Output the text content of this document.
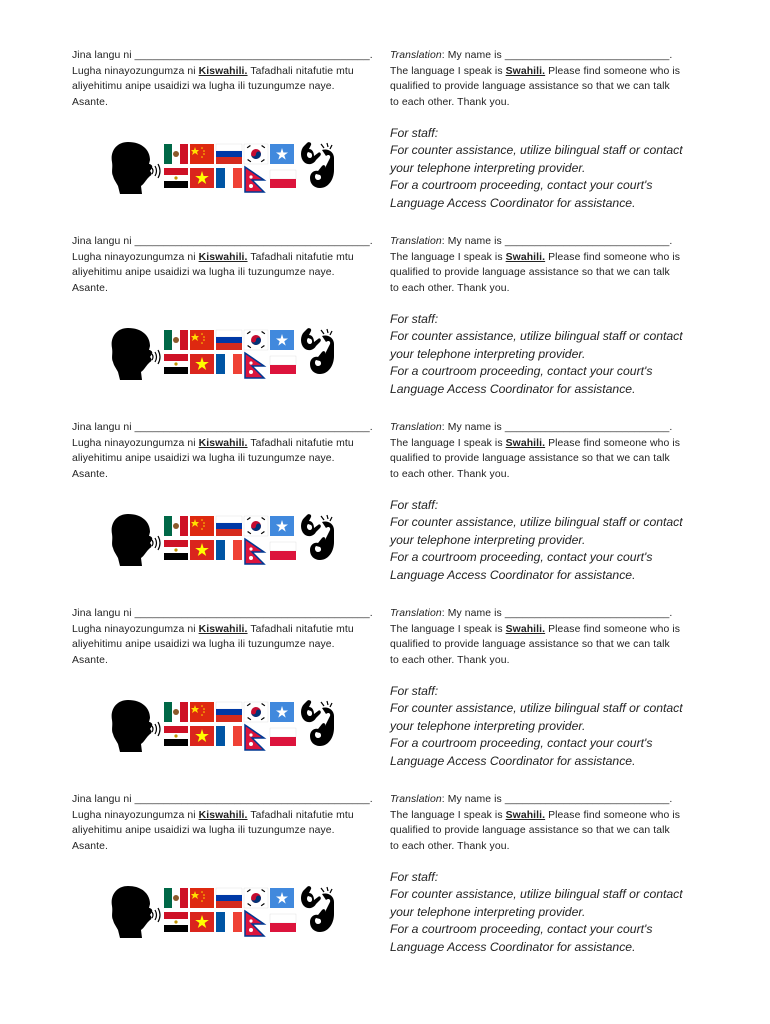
Jina langu ni ________________________________________.

Lugha ninayozungumza ni Kiswahili. Tafadhali nitafutie mtu

aliyehitimu anipe usaidizi wa lugha ili tuzungumze naye.

Asante.

Translation: My name is ____________________________.

The language I speak is Swahili. Please find someone who is

qualified to provide language assistance so that we can talk

to each other. Thank you.

For staff:

For counter assistance, utilize bilingual staff or contact

your telephone interpreting provider.

For a courtroom proceeding, contact your court's

Language Access Coordinator for assistance.

Jina langu ni ________________________________________.

Lugha ninayozungumza ni Kiswahili. Tafadhali nitafutie mtu

aliyehitimu anipe usaidizi wa lugha ili tuzungumze naye.

Asante.

Translation: My name is ____________________________.

The language I speak is Swahili. Please find someone who is

qualified to provide language assistance so that we can talk

to each other. Thank you.

For staff:

For counter assistance, utilize bilingual staff or contact

your telephone interpreting provider.

For a courtroom proceeding, contact your court's

Language Access Coordinator for assistance.

Jina langu ni ________________________________________.

Lugha ninayozungumza ni Kiswahili. Tafadhali nitafutie mtu

aliyehitimu anipe usaidizi wa lugha ili tuzungumze naye.

Asante.

Translation: My name is ____________________________.

The language I speak is Swahili. Please find someone who is

qualified to provide language assistance so that we can talk

to each other. Thank you.

For staff:

For counter assistance, utilize bilingual staff or contact

your telephone interpreting provider.

For a courtroom proceeding, contact your court's

Language Access Coordinator for assistance.

Jina langu ni ________________________________________.

Lugha ninayozungumza ni Kiswahili. Tafadhali nitafutie mtu

aliyehitimu anipe usaidizi wa lugha ili tuzungumze naye.

Asante.

Translation: My name is ____________________________.

The language I speak is Swahili. Please find someone who is

qualified to provide language assistance so that we can talk

to each other. Thank you.

For staff:

For counter assistance, utilize bilingual staff or contact

your telephone interpreting provider.

For a courtroom proceeding, contact your court's

Language Access Coordinator for assistance.

Jina langu ni ________________________________________.

Lugha ninayozungumza ni Kiswahili. Tafadhali nitafutie mtu

aliyehitimu anipe usaidizi wa lugha ili tuzungumze naye.

Asante.

Translation: My name is ____________________________.

The language I speak is Swahili. Please find someone who is

qualified to provide language assistance so that we can talk

to each other. Thank you.

For staff:

For counter assistance, utilize bilingual staff or contact

your telephone interpreting provider.

For a courtroom proceeding, contact your court's

Language Access Coordinator for assistance.
